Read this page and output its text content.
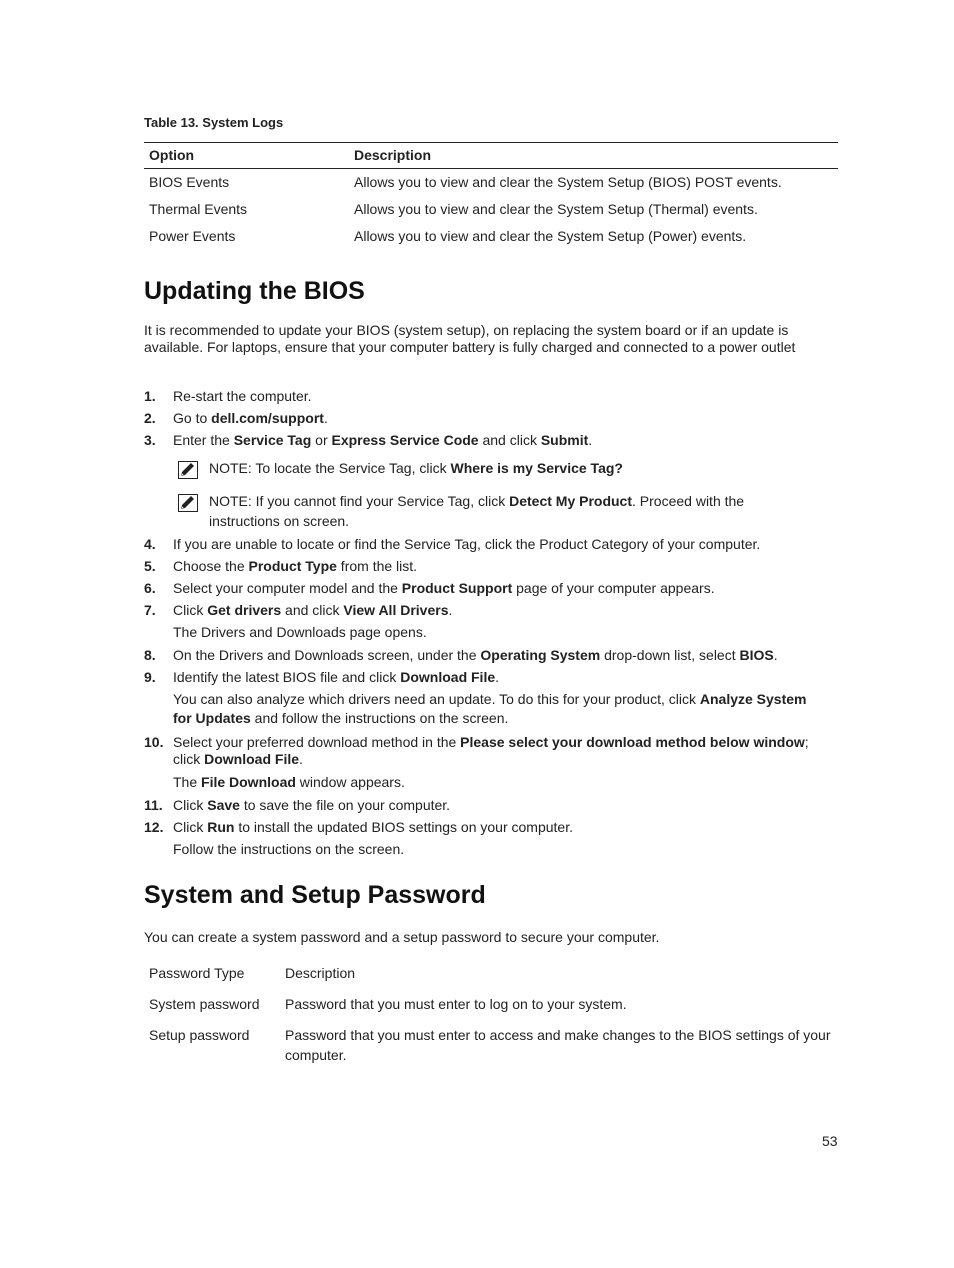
Table 13. System Logs
Option	Description
BIOS Events	Allows you to view and clear the System Setup (BIOS) POST events.
Thermal Events	Allows you to view and clear the System Setup (Thermal) events.
Power Events	Allows you to view and clear the System Setup (Power) events.
Updating the BIOS

It is recommended to update your BIOS (system setup), on replacing the system board or if an update is available. For laptops, ensure that your computer battery is fully charged and connected to a power outlet

1. Re-start the computer.
2. Go to dell.com/support.
3. Enter the Service Tag or Express Service Code and click Submit.
NOTE: To locate the Service Tag, click Where is my Service Tag?
NOTE: If you cannot find your Service Tag, click Detect My Product. Proceed with the instructions on screen.
4. If you are unable to locate or find the Service Tag, click the Product Category of your computer.
5. Choose the Product Type from the list.
6. Select your computer model and the Product Support page of your computer appears.
7. Click Get drivers and click View All Drivers.
The Drivers and Downloads page opens.
8. On the Drivers and Downloads screen, under the Operating System drop-down list, select BIOS.
9. Identify the latest BIOS file and click Download File.
You can also analyze which drivers need an update. To do this for your product, click Analyze System for Updates and follow the instructions on the screen.
10. Select your preferred download method in the Please select your download method below window; click Download File.
The File Download window appears.
11. Click Save to save the file on your computer.
12. Click Run to install the updated BIOS settings on your computer.
Follow the instructions on the screen.
System and Setup Password

You can create a system password and a setup password to secure your computer.

Password Type	Description
System password	Password that you must enter to log on to your system.
Setup password	Password that you must enter to access and make changes to the BIOS settings of your computer.
53
